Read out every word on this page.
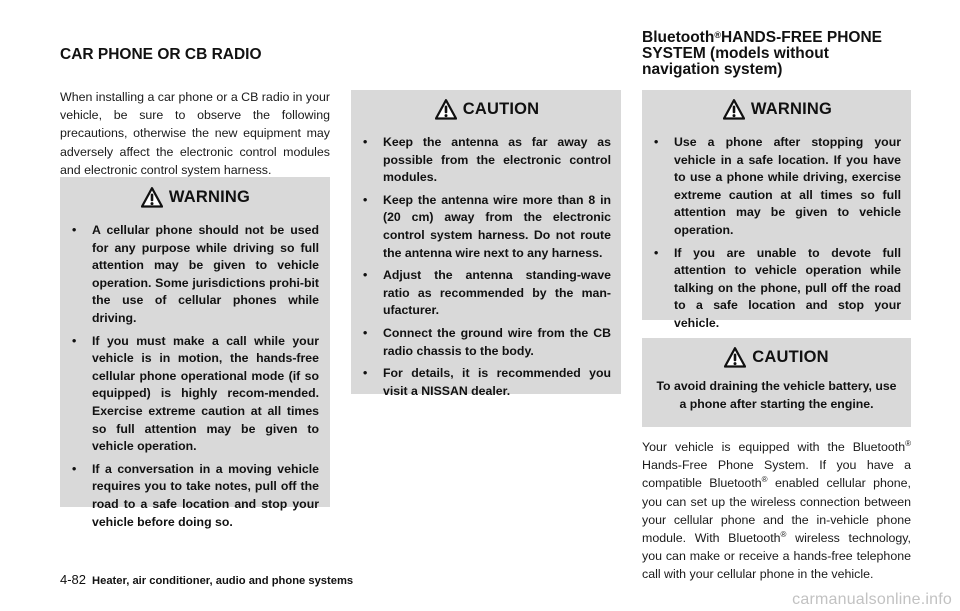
CAR PHONE OR CB RADIO
Bluetooth®HANDS-FREE PHONE
SYSTEM (models without
navigation system)
When installing a car phone or a CB radio in your vehicle, be sure to observe the following precautions, otherwise the new equipment may adversely affect the electronic control modules and electronic control system harness.
WARNING
• A cellular phone should not be used for any purpose while driving so full attention may be given to vehicle operation. Some jurisdictions prohi-bit the use of cellular phones while driving.
• If you must make a call while your vehicle is in motion, the hands-free cellular phone operational mode (if so equipped) is highly recom-mended. Exercise extreme caution at all times so full attention may be given to vehicle operation.
• If a conversation in a moving vehicle requires you to take notes, pull off the road to a safe location and stop your vehicle before doing so.
CAUTION
• Keep the antenna as far away as possible from the electronic control modules.
• Keep the antenna wire more than 8 in (20 cm) away from the electronic control system harness. Do not route the antenna wire next to any harness.
• Adjust the antenna standing-wave ratio as recommended by the man-ufacturer.
• Connect the ground wire from the CB radio chassis to the body.
• For details, it is recommended you visit a NISSAN dealer.
WARNING
• Use a phone after stopping your vehicle in a safe location. If you have to use a phone while driving, exercise extreme caution at all times so full attention may be given to vehicle operation.
• If you are unable to devote full attention to vehicle operation while talking on the phone, pull off the road to a safe location and stop your vehicle.
CAUTION
To avoid draining the vehicle battery, use a phone after starting the engine.
Your vehicle is equipped with the Bluetooth® Hands-Free Phone System. If you have a compatible Bluetooth® enabled cellular phone, you can set up the wireless connection between your cellular phone and the in-vehicle phone module. With Bluetooth® wireless technology, you can make or receive a hands-free telephone call with your cellular phone in the vehicle.
4-82 Heater, air conditioner, audio and phone systems
carmanualsonline.info
